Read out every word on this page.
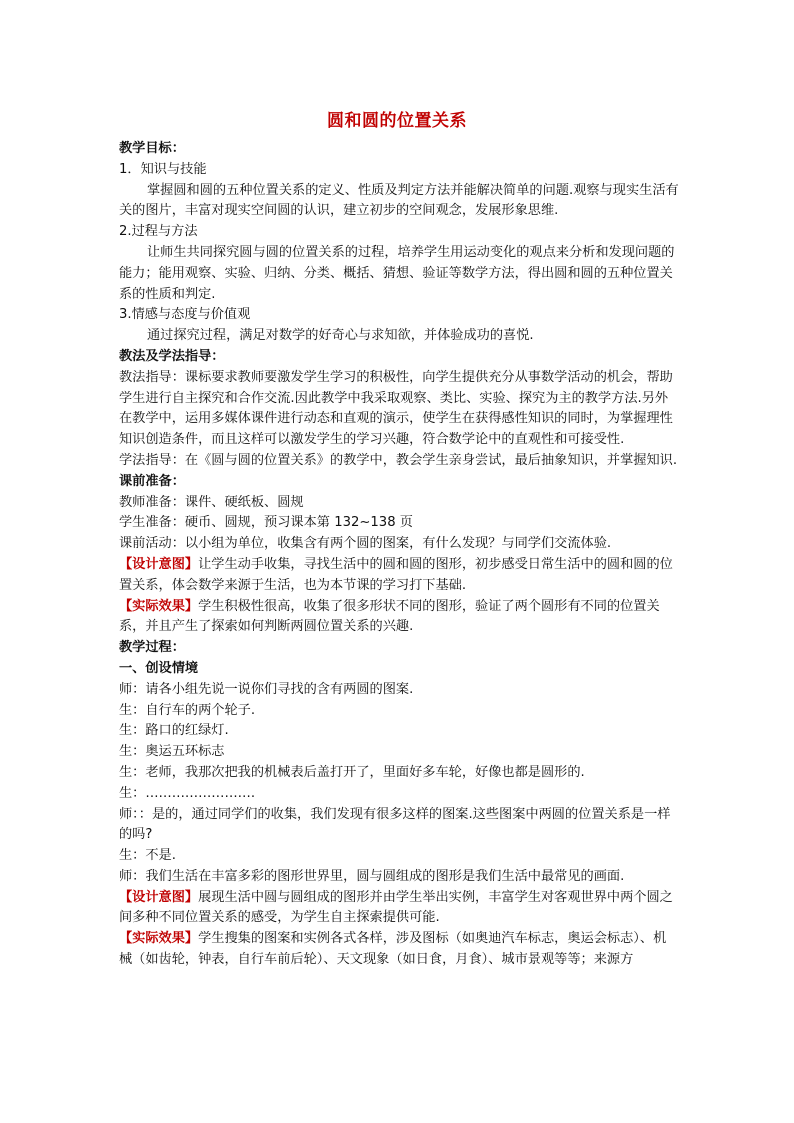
圆和圆的位置关系

教学目标：

1．知识与技能

掌握圆和圆的五种位置关系的定义、性质及判定方法并能解决简单的问题.观察与现实生活有关的图片，丰富对现实空间圆的认识，建立初步的空间观念，发展形象思维.

2.过程与方法

让师生共同探究圆与圆的位置关系的过程，培养学生用运动变化的观点来分析和发现问题的能力；能用观察、实验、归纳、分类、概括、猜想、验证等数学方法，得出圆和圆的五种位置关系的性质和判定.

3.情感与态度与价值观

通过探究过程，满足对数学的好奇心与求知欲，并体验成功的喜悦.

教法及学法指导：

教法指导：课标要求教师要激发学生学习的积极性，向学生提供充分从事数学活动的机会，帮助学生进行自主探究和合作交流.因此教学中我采取观察、类比、实验、探究为主的教学方法.另外在教学中，运用多媒体课件进行动态和直观的演示，使学生在获得感性知识的同时，为掌握理性知识创造条件，而且这样可以激发学生的学习兴趣，符合数学论中的直观性和可接受性.

学法指导：在《圆与圆的位置关系》的教学中，教会学生亲身尝试，最后抽象知识，并掌握知识.

课前准备：

教师准备：课件、硬纸板、圆规

学生准备：硬币、圆规，预习课本第 132~138 页

课前活动：以小组为单位，收集含有两个圆的图案，有什么发现？与同学们交流体验.

【设计意图】让学生动手收集，寻找生活中的圆和圆的图形，初步感受日常生活中的圆和圆的位置关系，体会数学来源于生活，也为本节课的学习打下基础.

【实际效果】学生积极性很高，收集了很多形状不同的图形，验证了两个圆形有不同的位置关系，并且产生了探索如何判断两圆位置关系的兴趣.

教学过程：

一、创设情境

师：请各小组先说一说你们寻找的含有两圆的图案.

生：自行车的两个轮子.

生：路口的红绿灯.

生：奥运五环标志

生：老师，我那次把我的机械表后盖打开了，里面好多车轮，好像也都是圆形的.

生：…………………….

师：：是的，通过同学们的收集，我们发现有很多这样的图案.这些图案中两圆的位置关系是一样的吗?

生：不是.

师：我们生活在丰富多彩的图形世界里，圆与圆组成的图形是我们生活中最常见的画面.

【设计意图】展现生活中圆与圆组成的图形并由学生举出实例，丰富学生对客观世界中两个圆之间多种不同位置关系的感受，为学生自主探索提供可能.

【实际效果】学生搜集的图案和实例各式各样，涉及图标（如奥迪汽车标志，奥运会标志）、机械（如齿轮，钟表，自行车前后轮）、天文现象（如日食，月食）、城市景观等等；来源方
